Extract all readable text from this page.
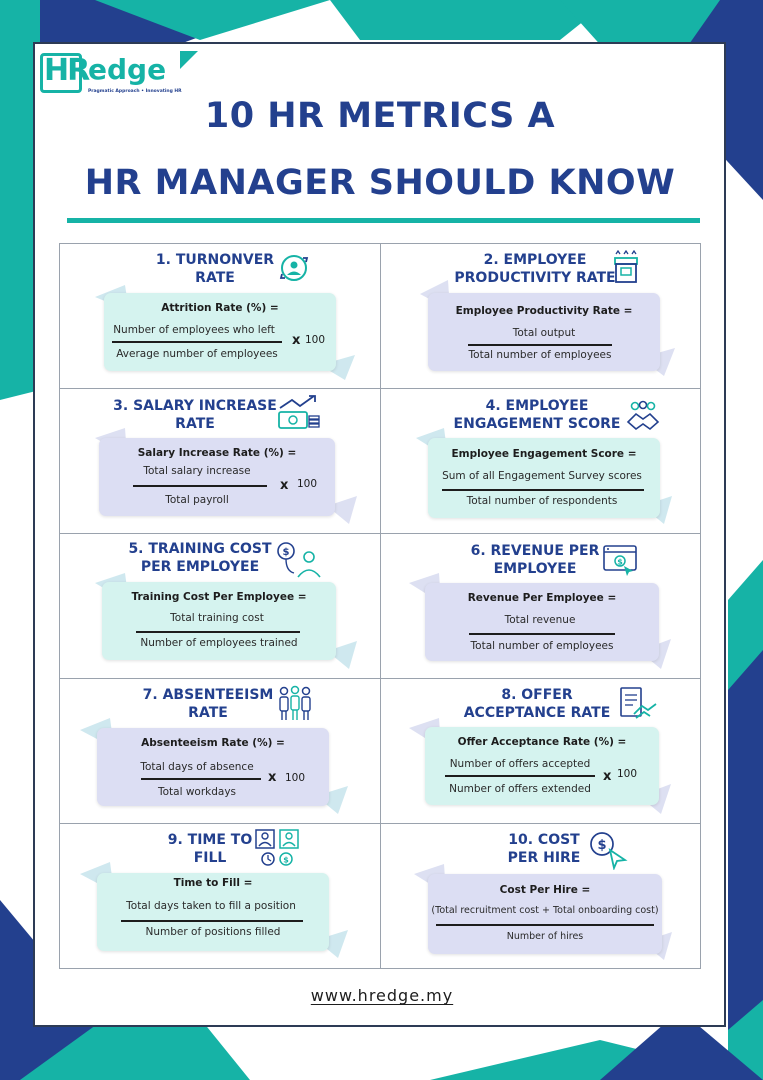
HR edge
Pragmatic Approach • Innovating HR
10 HR METRICS A
HR MANAGER SHOULD KNOW
1. TURNONVER
RATE
Attrition Rate (%) =
Number of employees who left
Average number of employees
x 100
2. EMPLOYEE
PRODUCTIVITY RATE
Employee Productivity Rate =
Total output
Total number of employees
3. SALARY INCREASE
RATE
Salary Increase Rate (%) =
Total salary increase
Total payroll
x 100
4. EMPLOYEE
ENGAGEMENT SCORE
Employee Engagement Score =
Sum of all Engagement Survey scores
Total number of respondents
5. TRAINING COST
PER EMPLOYEE
$
Training Cost Per Employee =
Total training cost
Number of employees trained
6. REVENUE PER
EMPLOYEE	$
Revenue Per Employee =
Total revenue
Total number of employees
7. ABSENTEEISM
RATE
Absenteeism Rate (%) =
Total days of absence
Total workdays
x 100
8. OFFER
ACCEPTANCE RATE
Offer Acceptance Rate (%) =
Number of offers accepted
Number of offers extended
x 100
9. TIME TO
FILL	$
Time to Fill =
Total days taken to fill a position
Number of positions filled
10. COST
PER HIRE
$
Cost Per Hire =
(Total recruitment cost + Total onboarding cost)
Number of hires
www.hredge.my
